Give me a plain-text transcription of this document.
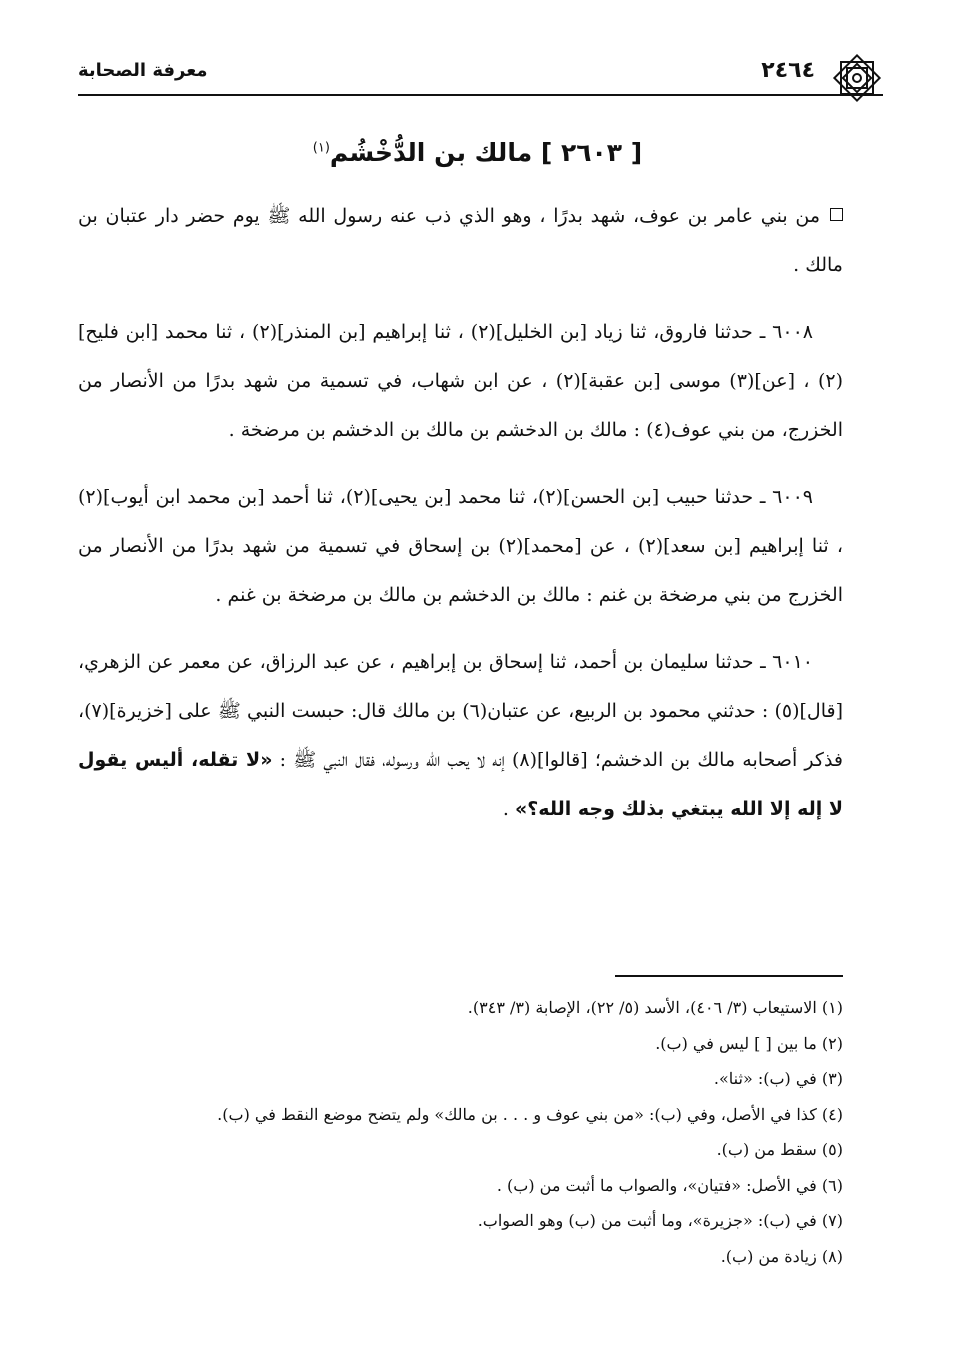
٢٤٦٤
معرفة الصحابة
[ ٢٦٠٣ ] مالك بن الدُّخْشُم$^{(١)}$

من بني عامر بن عوف، شهد بدرًا ، وهو الذي ذب عنه رسول الله ﷺ يوم حضر دار عتبان بن مالك .

٦٠٠٨ ـ حدثنا فاروق، ثنا زياد [بن الخليل](٢) ، ثنا إبراهيم [بن المنذر](٢) ، ثنا محمد [ابن فليح](٢) ، [عن](٣) موسى [بن عقبة](٢) ، عن ابن شهاب، في تسمية من شهد بدرًا من الأنصار من الخزرج، من بني عوف(٤) : مالك بن الدخشم بن مالك بن الدخشم بن مرضخة .

٦٠٠٩ ـ حدثنا حبيب [بن الحسن](٢)، ثنا محمد [بن يحيى](٢)، ثنا أحمد [بن محمد ابن أيوب](٢) ، ثنا إبراهيم [بن سعد](٢) ، عن [محمد](٢) بن إسحاق في تسمية من شهد بدرًا من الأنصار من الخزرج من بني مرضخة بن غنم : مالك بن الدخشم بن مالك بن مرضخة بن غنم .

٦٠١٠ ـ حدثنا سليمان بن أحمد، ثنا إسحاق بن إبراهيم ، عن عبد الرزاق، عن معمر عن الزهري، [قال](٥) : حدثني محمود بن الربيع، عن عتبان(٦) بن مالك قال: حبست النبي ﷺ على [خزيرة](٧)، فذكر أصحابه مالك بن الدخشم؛ [قالوا](٨) إنه لا يحب الله ورسوله، فقال النبي ﷺ : «لا تقله، أليس يقول لا إله إلا الله يبتغي بذلك وجه الله؟» .

(١) الاستيعاب (٣/ ٤٠٦)، الأسد (٥/ ٢٢)، الإصابة (٣/ ٣٤٣).
(٢) ما بين [ ] ليس في (ب).
(٣) في (ب): «ثنا».
(٤) كذا في الأصل، وفي (ب): «من بني عوف و . . . بن مالك» ولم يتضح موضع النقط في (ب).
(٥) سقط من (ب).
(٦) في الأصل: «فتيان»، والصواب ما أثبت من (ب) .
(٧) في (ب): «جزيرة»، وما أثبت من (ب) وهو الصواب.
(٨) زيادة من (ب).
